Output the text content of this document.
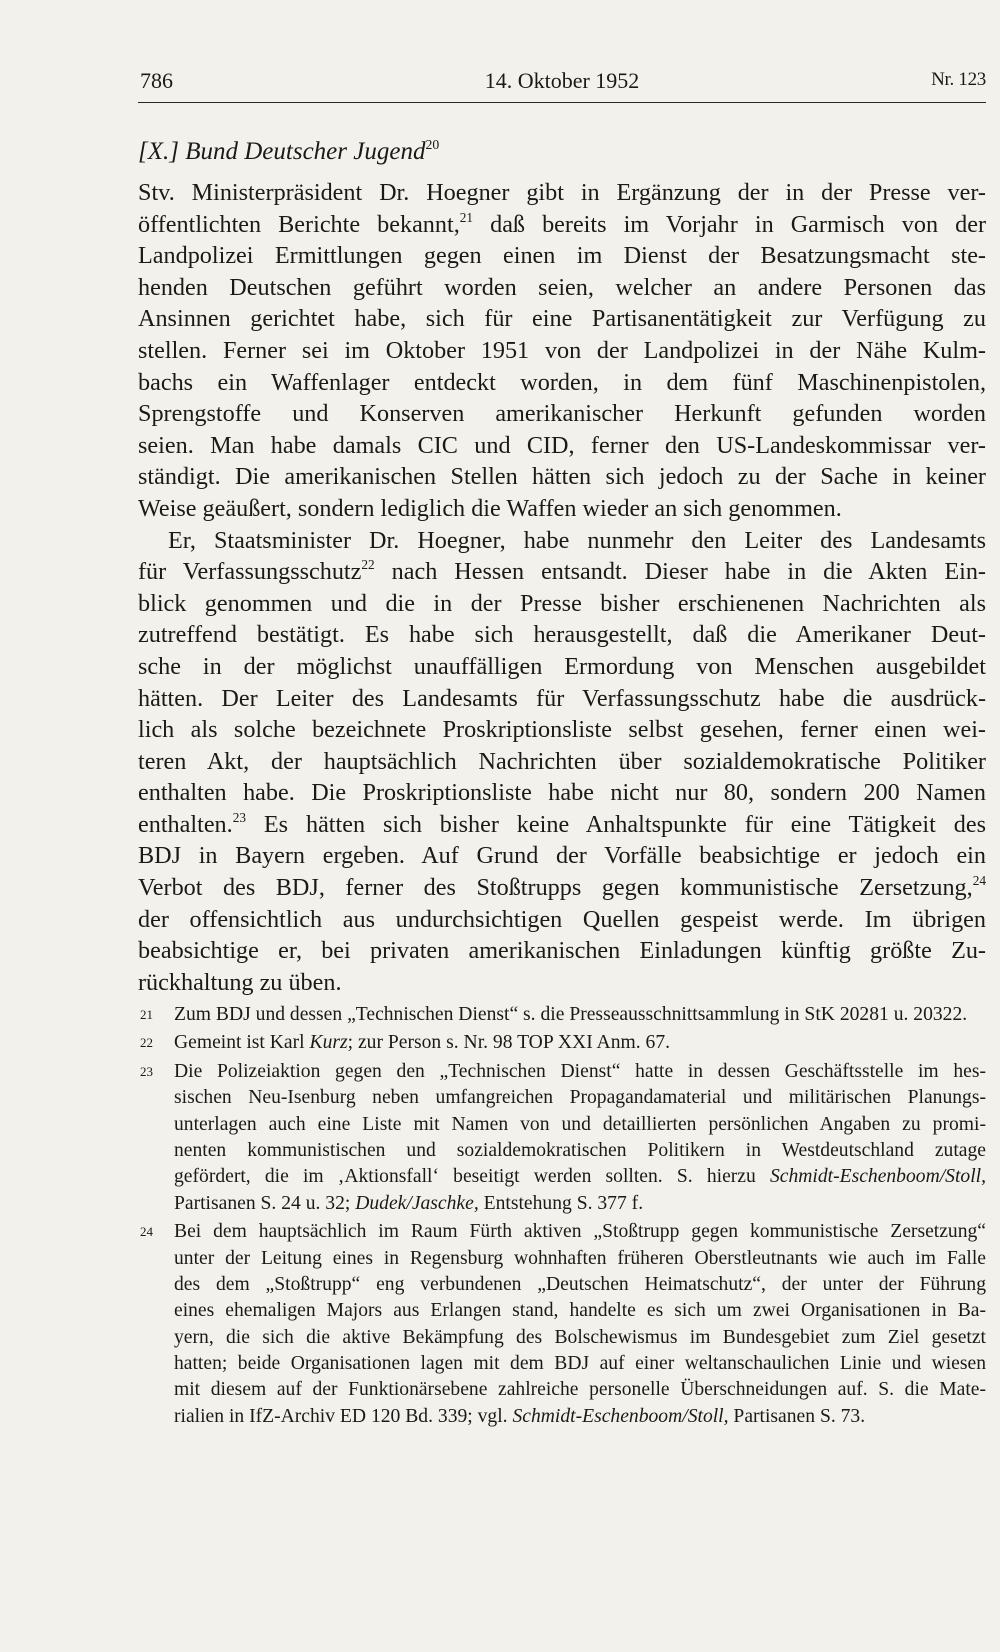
786	14. Oktober 1952	Nr. 123
[X.] Bund Deutscher Jugend$^{20}$
Stv. Ministerpräsident Dr. Hoegner gibt in Ergänzung der in der Presse ver-
öffentlichten Berichte bekannt,$^{21}$ daß bereits im Vorjahr in Garmisch von der
Landpolizei Ermittlungen gegen einen im Dienst der Besatzungsmacht ste-
henden Deutschen geführt worden seien, welcher an andere Personen das
Ansinnen gerichtet habe, sich für eine Partisanentätigkeit zur Verfügung zu
stellen. Ferner sei im Oktober 1951 von der Landpolizei in der Nähe Kulm-
bachs ein Waffenlager entdeckt worden, in dem fünf Maschinenpistolen,
Sprengstoffe und Konserven amerikanischer Herkunft gefunden worden
seien. Man habe damals CIC und CID, ferner den US-Landeskommissar ver-
ständigt. Die amerikanischen Stellen hätten sich jedoch zu der Sache in keiner
Weise geäußert, sondern lediglich die Waffen wieder an sich genommen.
Er, Staatsminister Dr. Hoegner, habe nunmehr den Leiter des Landesamts
für Verfassungsschutz$^{22}$ nach Hessen entsandt. Dieser habe in die Akten Ein-
blick genommen und die in der Presse bisher erschienenen Nachrichten als
zutreffend bestätigt. Es habe sich herausgestellt, daß die Amerikaner Deut-
sche in der möglichst unauffälligen Ermordung von Menschen ausgebildet
hätten. Der Leiter des Landesamts für Verfassungsschutz habe die ausdrück-
lich als solche bezeichnete Proskriptionsliste selbst gesehen, ferner einen wei-
teren Akt, der hauptsächlich Nachrichten über sozialdemokratische Politiker
enthalten habe. Die Proskriptionsliste habe nicht nur 80, sondern 200 Namen
enthalten.$^{23}$ Es hätten sich bisher keine Anhaltspunkte für eine Tätigkeit des
BDJ in Bayern ergeben. Auf Grund der Vorfälle beabsichtige er jedoch ein
Verbot des BDJ, ferner des Stoßtrupps gegen kommunistische Zersetzung,$^{24}$
der offensichtlich aus undurchsichtigen Quellen gespeist werde. Im übrigen
beabsichtige er, bei privaten amerikanischen Einladungen künftig größte Zu-
rückhaltung zu üben.
21 Zum BDJ und dessen „Technischen Dienst“ s. die Presseausschnittsammlung in StK 20281 u. 20322.
22 Gemeint ist Karl Kurz; zur Person s. Nr. 98 TOP XXI Anm. 67.
23 Die Polizeiaktion gegen den „Technischen Dienst“ hatte in dessen Geschäftsstelle im hes-
sischen Neu-Isenburg neben umfangreichen Propagandamaterial und militärischen Planungs-
unterlagen auch eine Liste mit Namen von und detaillierten persönlichen Angaben zu promi-
nenten kommunistischen und sozialdemokratischen Politikern in Westdeutschland zutage
gefördert, die im ‚Aktionsfall‘ beseitigt werden sollten. S. hierzu Schmidt-Eschenboom/Stoll,
Partisanen S. 24 u. 32; Dudek/Jaschke, Entstehung S. 377 f.
24 Bei dem hauptsächlich im Raum Fürth aktiven „Stoßtrupp gegen kommunistische Zersetzung“
unter der Leitung eines in Regensburg wohnhaften früheren Oberstleutnants wie auch im Falle
des dem „Stoßtrupp“ eng verbundenen „Deutschen Heimatschutz“, der unter der Führung
eines ehemaligen Majors aus Erlangen stand, handelte es sich um zwei Organisationen in Ba-
yern, die sich die aktive Bekämpfung des Bolschewismus im Bundesgebiet zum Ziel gesetzt
hatten; beide Organisationen lagen mit dem BDJ auf einer weltanschaulichen Linie und wiesen
mit diesem auf der Funktionärsebene zahlreiche personelle Überschneidungen auf. S. die Mate-
rialien in IfZ-Archiv ED 120 Bd. 339; vgl. Schmidt-Eschenboom/Stoll, Partisanen S. 73.
